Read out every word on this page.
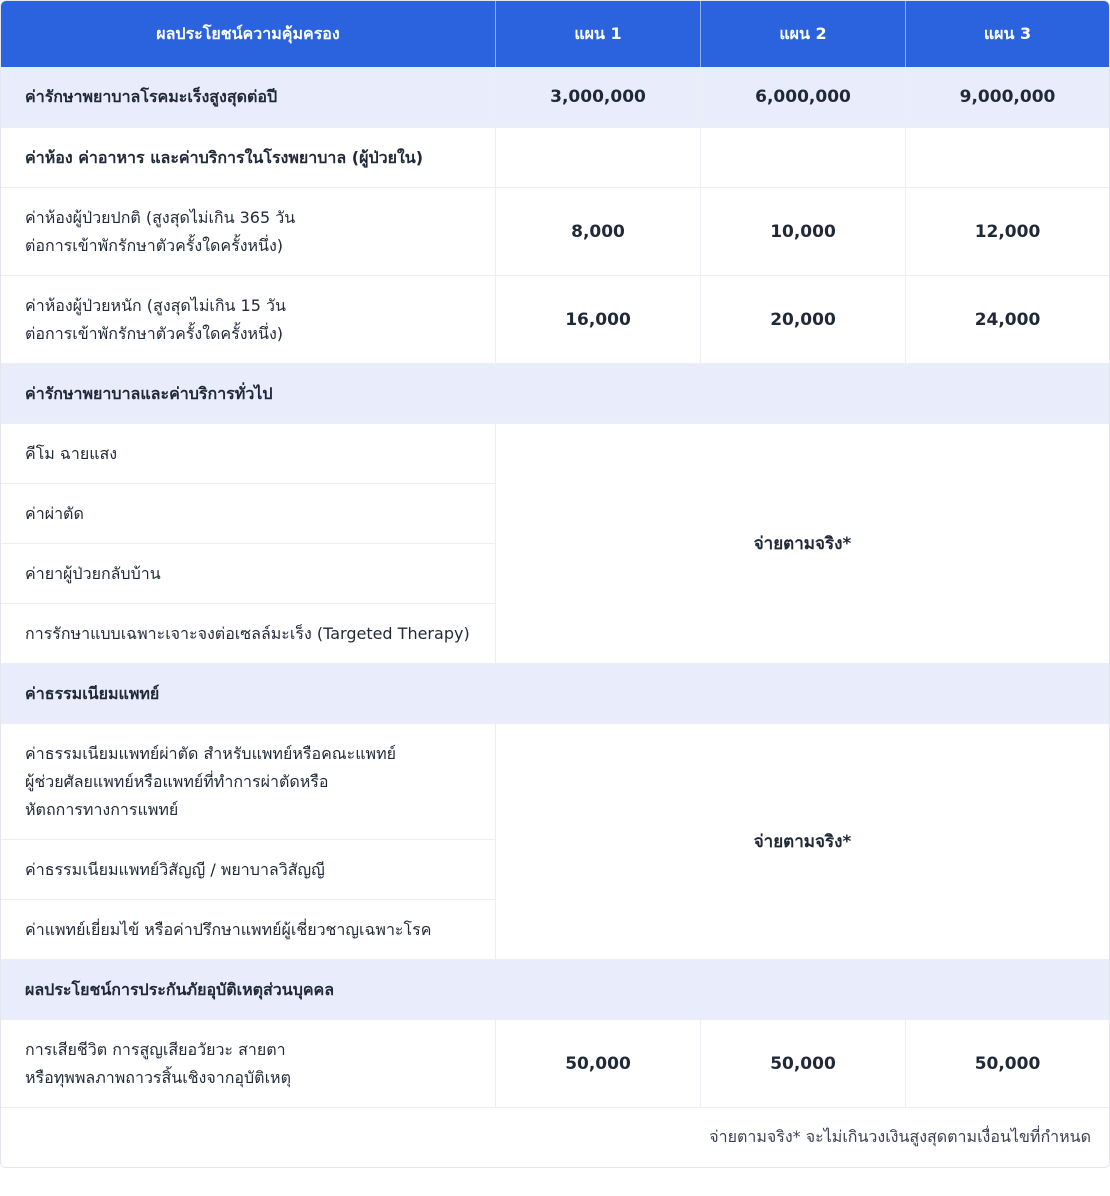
ผลประโยชน์ความคุ้มครอง	แผน 1	แผน 2	แผน 3
ค่ารักษาพยาบาลโรคมะเร็งสูงสุดต่อปี	3,000,000	6,000,000	9,000,000
ค่าห้อง ค่าอาหาร และค่าบริการในโรงพยาบาล (ผู้ป่วยใน)
ค่าห้องผู้ป่วยปกติ (สูงสุดไม่เกิน 365 วัน
ต่อการเข้าพักรักษาตัวครั้งใดครั้งหนึ่ง)
8,000	10,000	12,000
ค่าห้องผู้ป่วยหนัก (สูงสุดไม่เกิน 15 วัน
ต่อการเข้าพักรักษาตัวครั้งใดครั้งหนึ่ง)
16,000	20,000	24,000
ค่ารักษาพยาบาลและค่าบริการทั่วไป
คีโม ฉายแสง
ค่าผ่าตัด
ค่ายาผู้ป่วยกลับบ้าน
การรักษาแบบเฉพาะเจาะจงต่อเซลล์มะเร็ง (Targeted Therapy)
จ่ายตามจริง*
ค่าธรรมเนียมแพทย์
ค่าธรรมเนียมแพทย์ผ่าตัด สำหรับแพทย์หรือคณะแพทย์
ผู้ช่วยศัลยแพทย์หรือแพทย์ที่ทำการผ่าตัดหรือ
หัตถการทางการแพทย์
ค่าธรรมเนียมแพทย์วิสัญญี / พยาบาลวิสัญญี
ค่าแพทย์เยี่ยมไข้ หรือค่าปรึกษาแพทย์ผู้เชี่ยวชาญเฉพาะโรค
จ่ายตามจริง*
ผลประโยชน์การประกันภัยอุบัติเหตุส่วนบุคคล
การเสียชีวิต การสูญเสียอวัยวะ สายตา
หรือทุพพลภาพถาวรสิ้นเชิงจากอุบัติเหตุ
50,000	50,000	50,000
จ่ายตามจริง* จะไม่เกินวงเงินสูงสุดตามเงื่อนไขที่กำหนด
